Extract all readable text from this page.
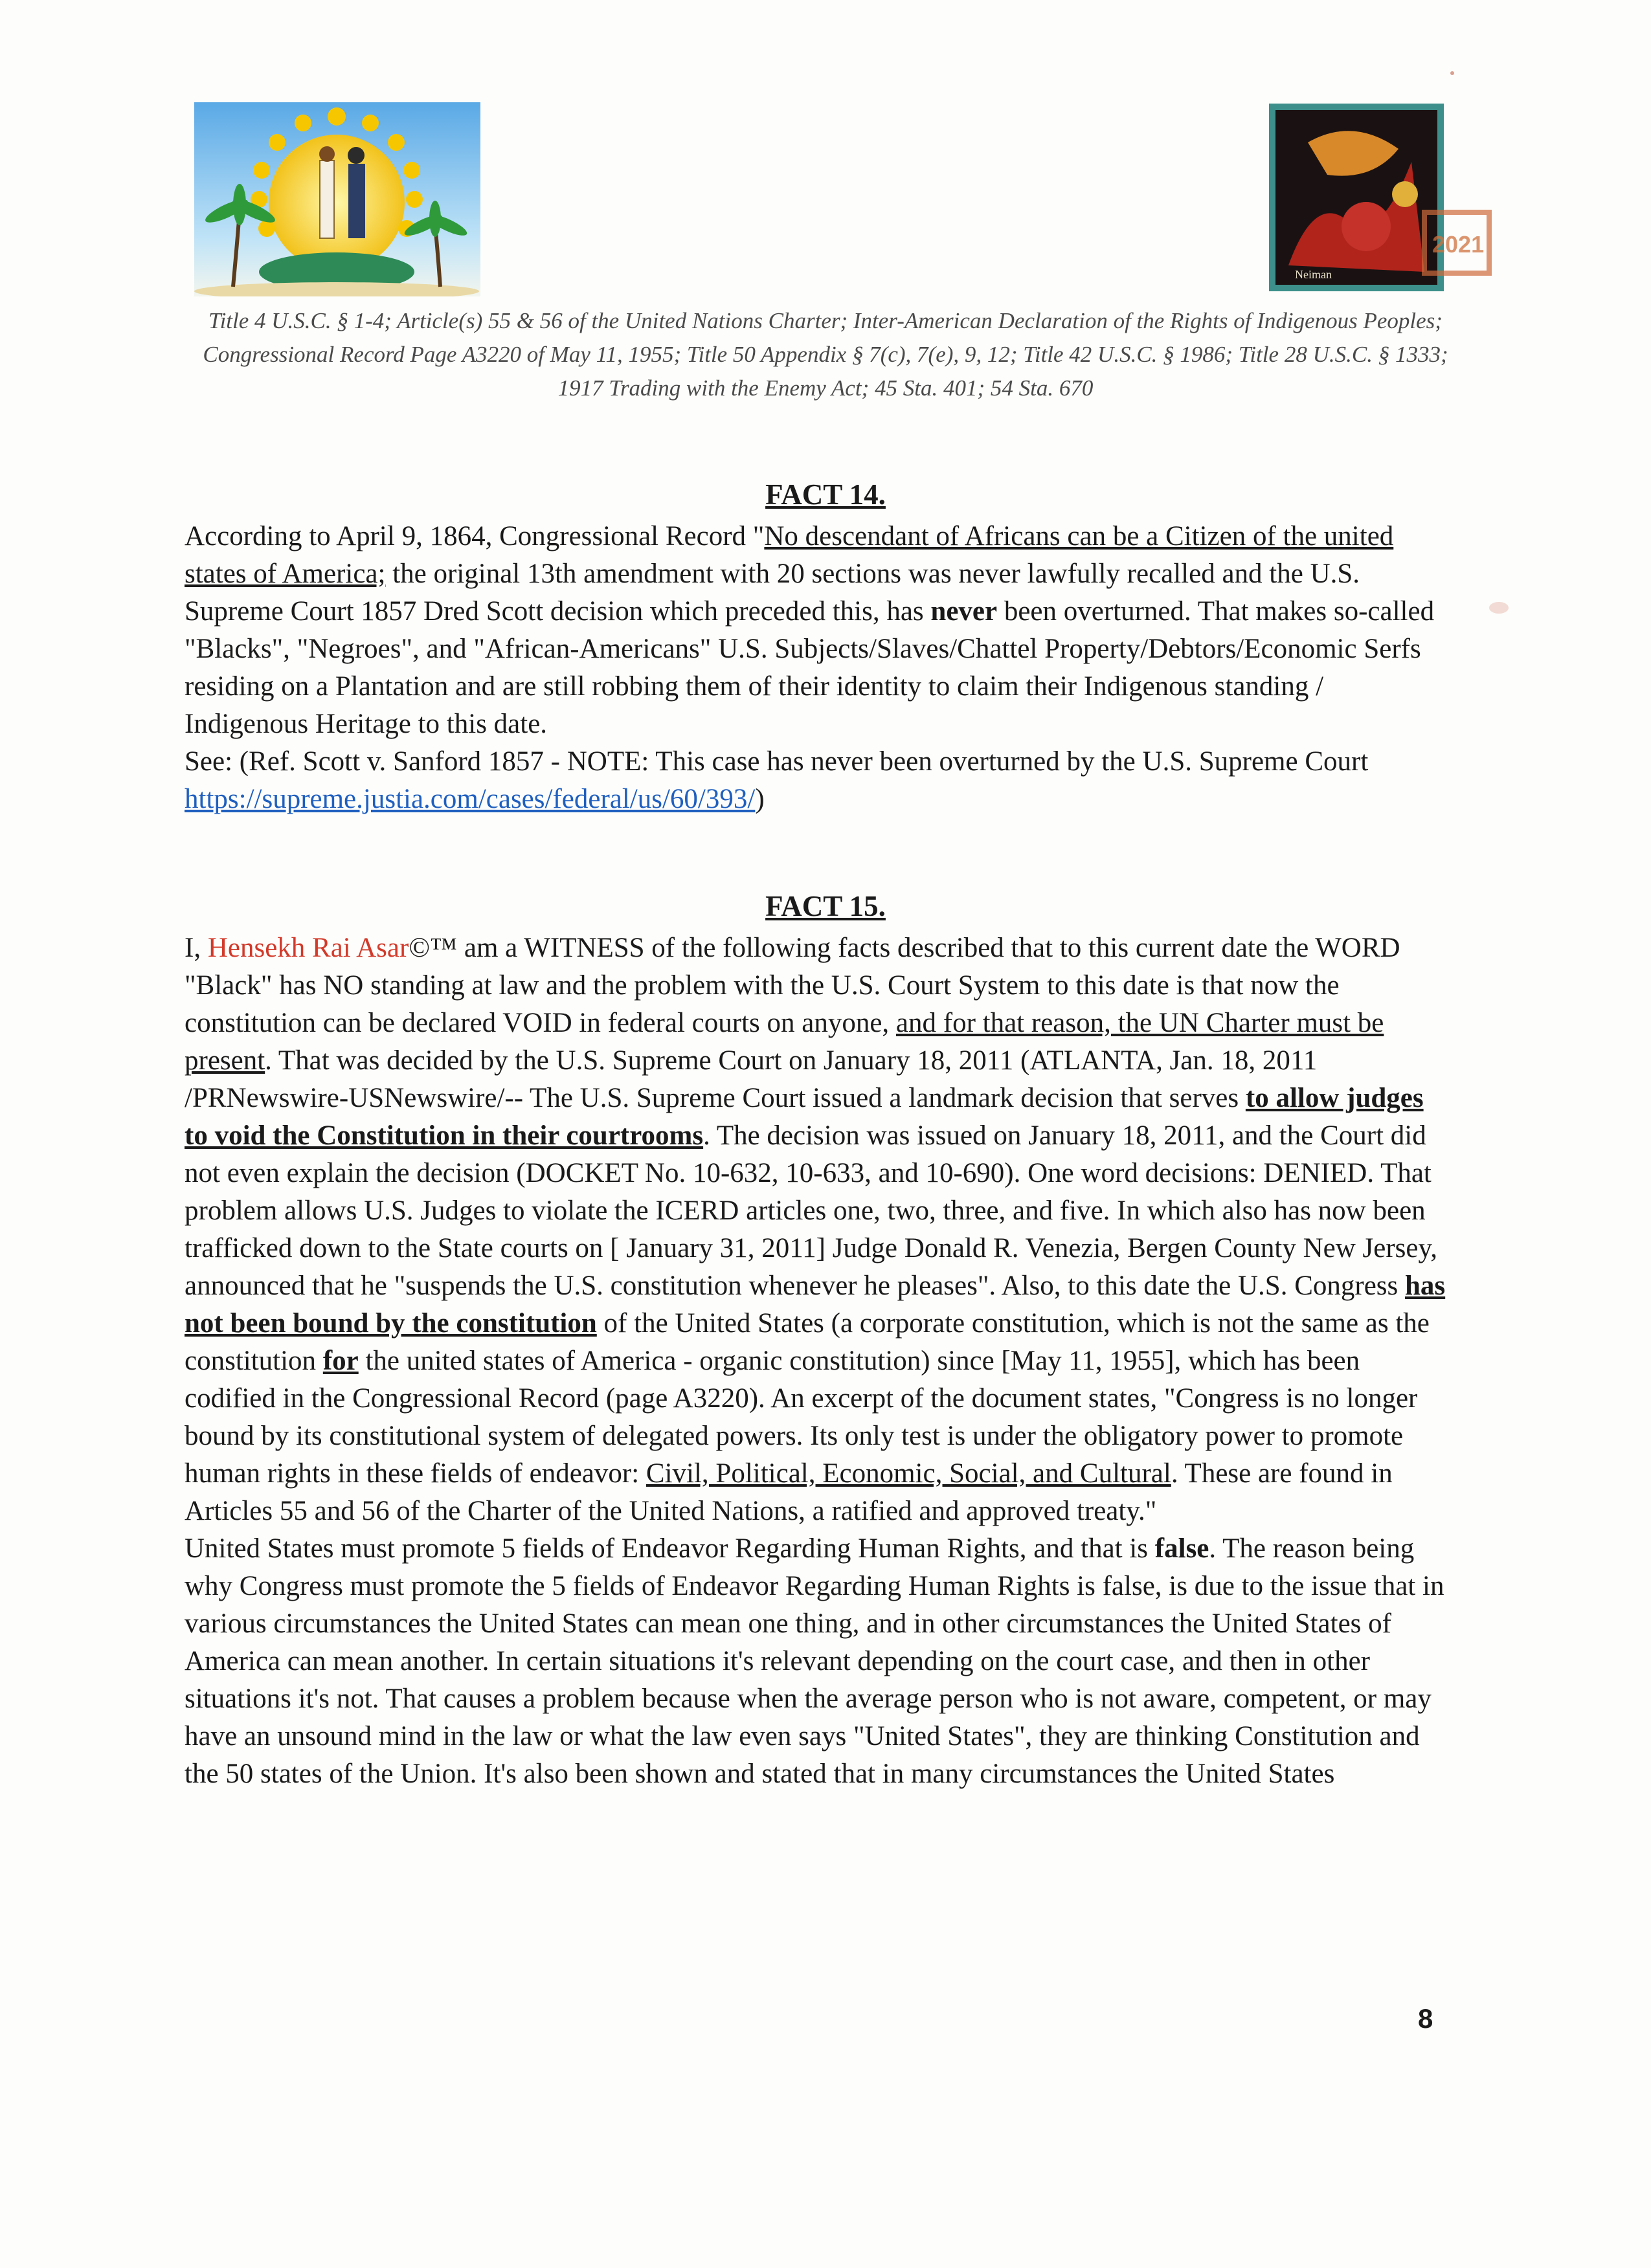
Neiman
2021
Title 4 U.S.C. § 1-4; Article(s) 55 & 56 of the United Nations Charter; Inter-American Declaration of the Rights of Indigenous Peoples; Congressional Record Page A3220 of May 11, 1955; Title 50 Appendix § 7(c), 7(e), 9, 12; Title 42 U.S.C. § 1986; Title 28 U.S.C. § 1333; 1917 Trading with the Enemy Act; 45 Sta. 401; 54 Sta. 670
FACT 14.
According to April 9, 1864, Congressional Record "No descendant of Africans can be a Citizen of the united states of America; the original 13th amendment with 20 sections was never lawfully recalled and the U.S. Supreme Court 1857 Dred Scott decision which preceded this, has never been overturned. That makes so-called "Blacks", "Negroes", and "African-Americans" U.S. Subjects/Slaves/Chattel Property/Debtors/Economic Serfs residing on a Plantation and are still robbing them of their identity to claim their Indigenous standing / Indigenous Heritage to this date.
See: (Ref. Scott v. Sanford 1857 - NOTE: This case has never been overturned by the U.S. Supreme Court https://supreme.justia.com/cases/federal/us/60/393/)
FACT 15.
I, Hensekh Rai Asar©™ am a WITNESS of the following facts described that to this current date the WORD "Black" has NO standing at law and the problem with the U.S. Court System to this date is that now the constitution can be declared VOID in federal courts on anyone, and for that reason, the UN Charter must be present. That was decided by the U.S. Supreme Court on January 18, 2011 (ATLANTA, Jan. 18, 2011 /PRNewswire-USNewswire/-- The U.S. Supreme Court issued a landmark decision that serves to allow judges to void the Constitution in their courtrooms. The decision was issued on January 18, 2011, and the Court did not even explain the decision (DOCKET No. 10-632, 10-633, and 10-690). One word decisions: DENIED. That problem allows U.S. Judges to violate the ICERD articles one, two, three, and five. In which also has now been trafficked down to the State courts on [ January 31, 2011] Judge Donald R. Venezia, Bergen County New Jersey, announced that he "suspends the U.S. constitution whenever he pleases". Also, to this date the U.S. Congress has not been bound by the constitution of the United States (a corporate constitution, which is not the same as the constitution for the united states of America - organic constitution) since [May 11, 1955], which has been codified in the Congressional Record (page A3220). An excerpt of the document states, "Congress is no longer bound by its constitutional system of delegated powers. Its only test is under the obligatory power to promote human rights in these fields of endeavor: Civil, Political, Economic, Social, and Cultural. These are found in Articles 55 and 56 of the Charter of the United Nations, a ratified and approved treaty."
United States must promote 5 fields of Endeavor Regarding Human Rights, and that is false. The reason being why Congress must promote the 5 fields of Endeavor Regarding Human Rights is false, is due to the issue that in various circumstances the United States can mean one thing, and in other circumstances the United States of America can mean another. In certain situations it's relevant depending on the court case, and then in other situations it's not. That causes a problem because when the average person who is not aware, competent, or may have an unsound mind in the law or what the law even says "United States", they are thinking Constitution and the 50 states of the Union. It's also been shown and stated that in many circumstances the United States
8
